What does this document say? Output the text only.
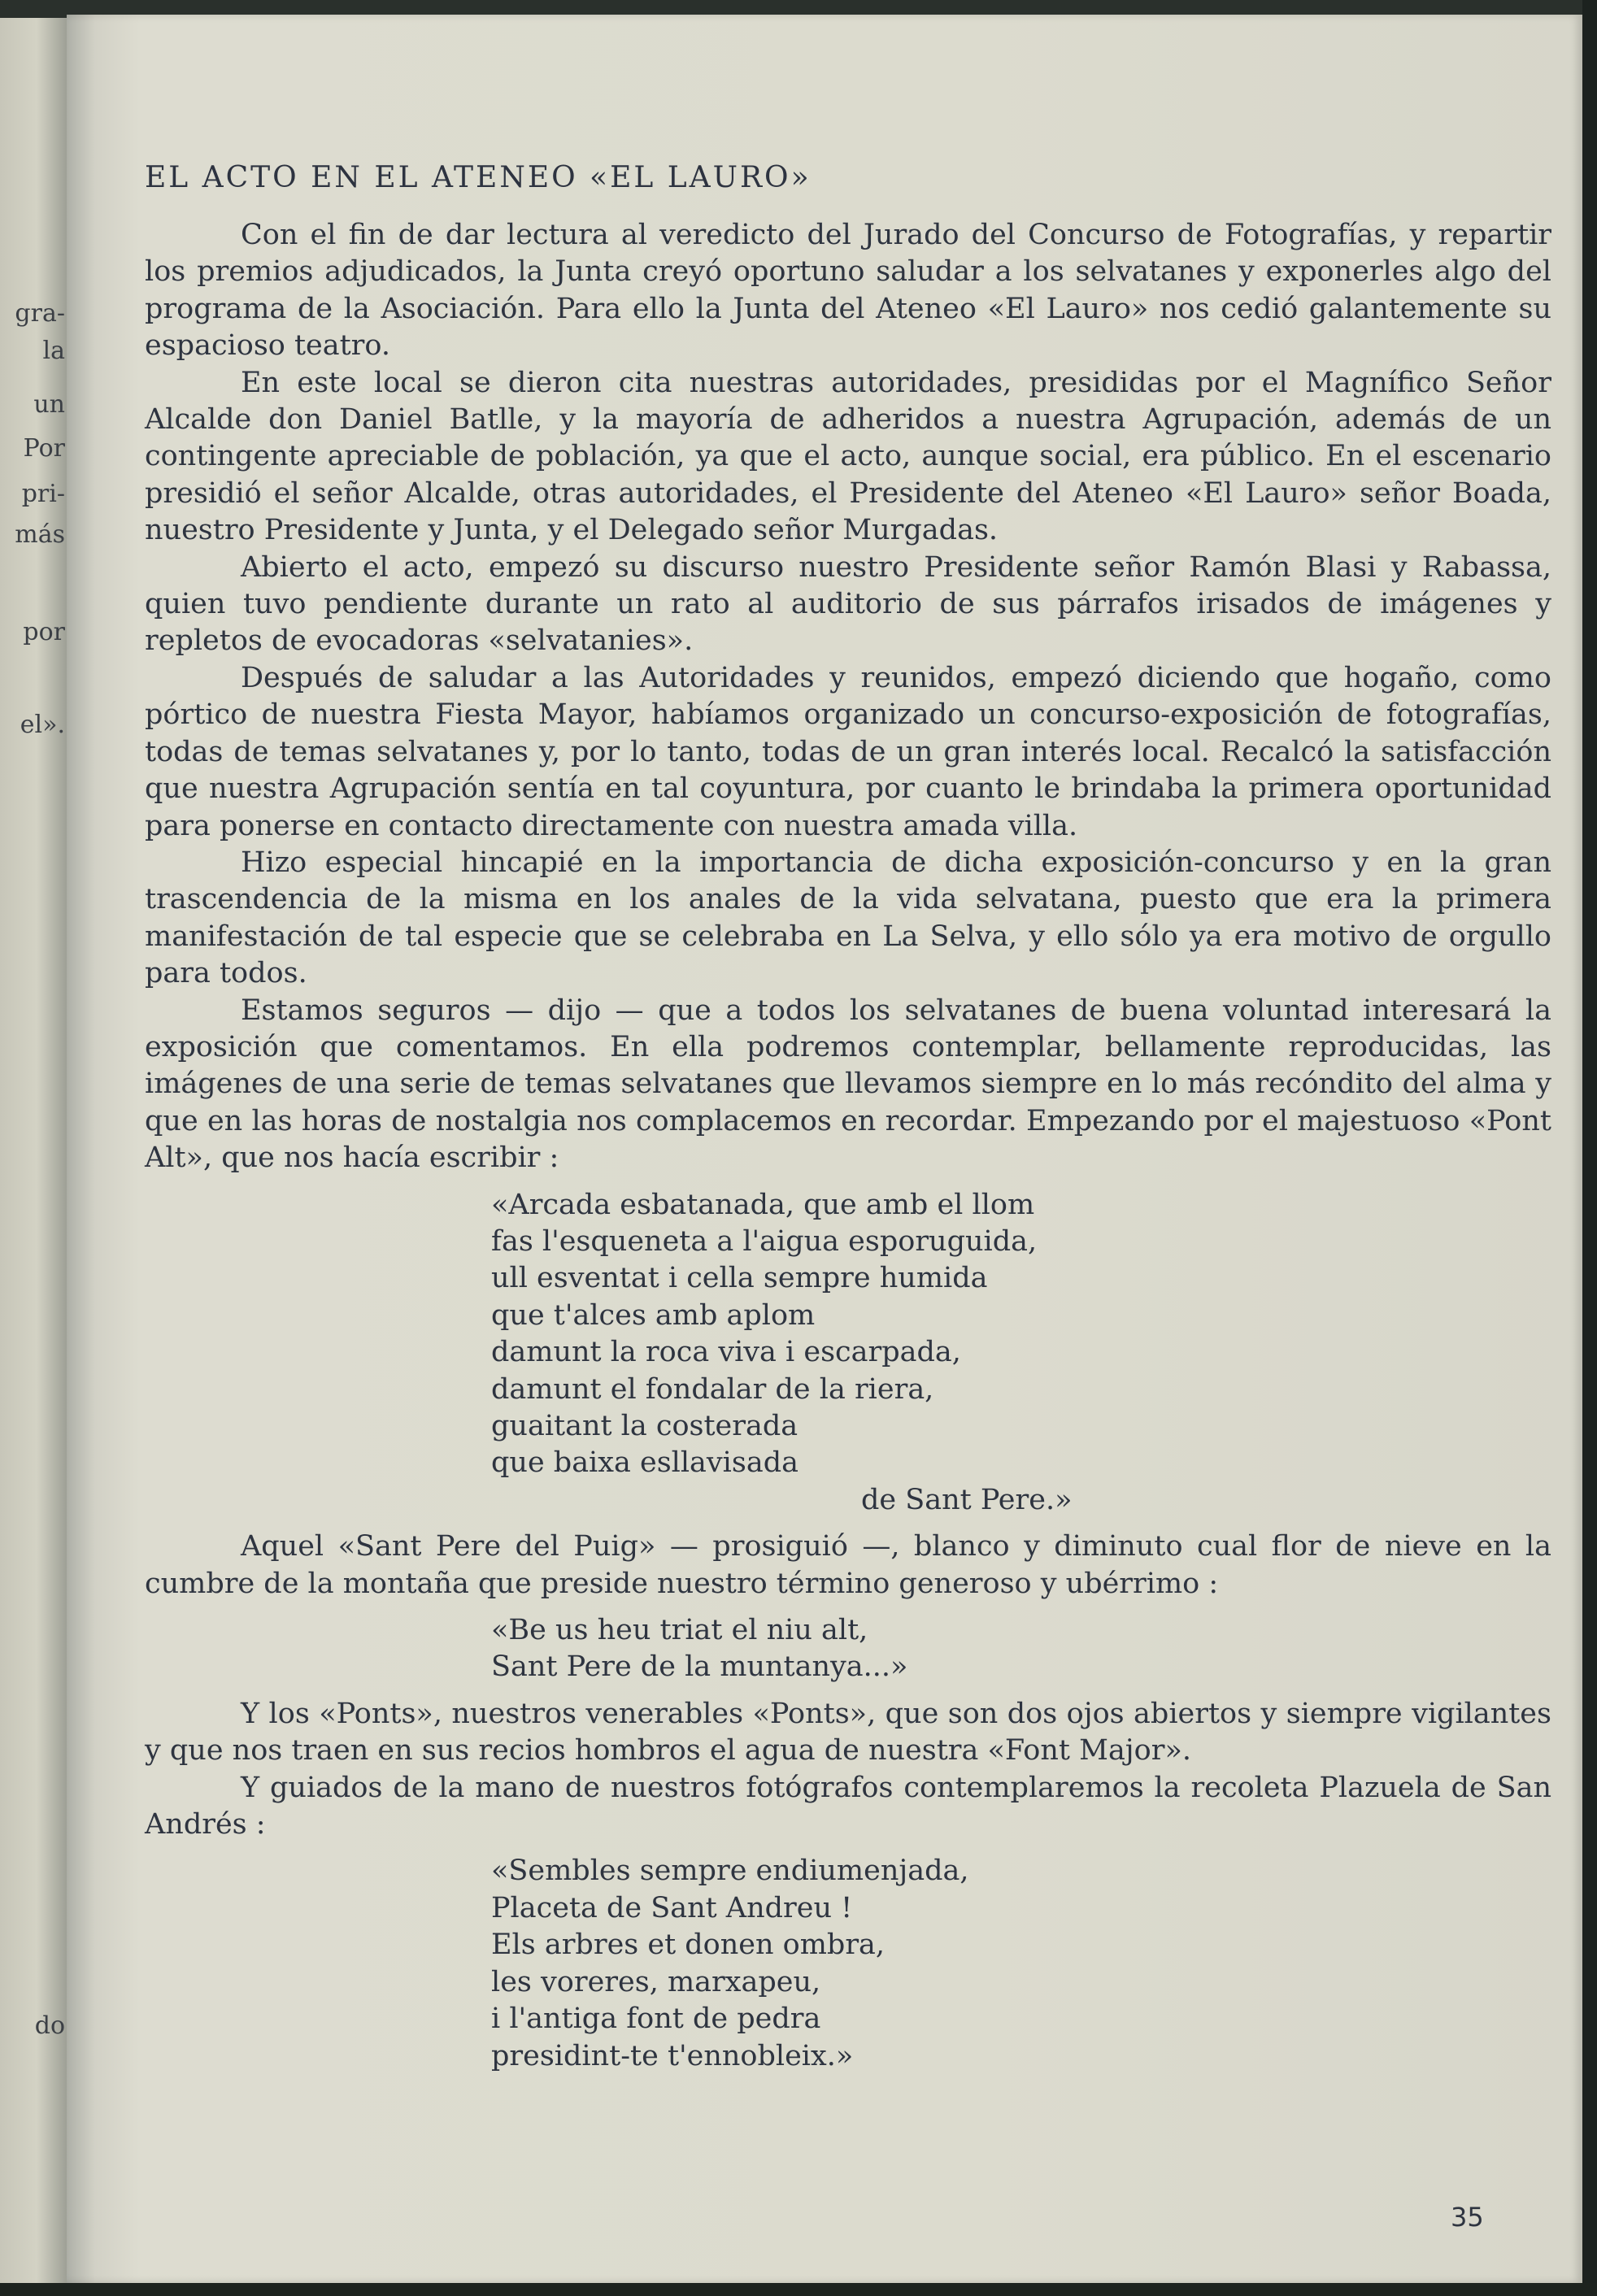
gra-
la
un
Por
pri-
más
por
el».
do
EL ACTO EN EL ATENEO «EL LAURO»

Con el fin de dar lectura al veredicto del Jurado del Concurso de Fotografías, y repartir los premios adjudicados, la Junta creyó oportuno saludar a los selvatanes y exponerles algo del programa de la Asociación. Para ello la Junta del Ateneo «El Lauro» nos cedió galantemente su espacioso teatro.

En este local se dieron cita nuestras autoridades, presididas por el Magnífico Señor Alcalde don Daniel Batlle, y la mayoría de adheridos a nuestra Agrupación, además de un contingente apreciable de población, ya que el acto, aunque social, era público. En el escenario presidió el señor Alcalde, otras autoridades, el Presidente del Ateneo «El Lauro» señor Boada, nuestro Presidente y Junta, y el Delegado señor Murgadas.

Abierto el acto, empezó su discurso nuestro Presidente señor Ramón Blasi y Rabassa, quien tuvo pendiente durante un rato al auditorio de sus párrafos irisados de imágenes y repletos de evocadoras «selvatanies».

Después de saludar a las Autoridades y reunidos, empezó diciendo que hogaño, como pórtico de nuestra Fiesta Mayor, habíamos organizado un concurso-exposición de fotografías, todas de temas selvatanes y, por lo tanto, todas de un gran interés local. Recalcó la satisfacción que nuestra Agrupación sentía en tal coyuntura, por cuanto le brindaba la primera oportunidad para ponerse en contacto directamente con nuestra amada villa.

Hizo especial hincapié en la importancia de dicha exposición-concurso y en la gran trascendencia de la misma en los anales de la vida selvatana, puesto que era la primera manifestación de tal especie que se celebraba en La Selva, y ello sólo ya era motivo de orgullo para todos.

Estamos seguros — dijo — que a todos los selvatanes de buena voluntad interesará la exposición que comentamos. En ella podremos contemplar, bellamente reproducidas, las imágenes de una serie de temas selvatanes que llevamos siempre en lo más recóndito del alma y que en las horas de nostalgia nos complacemos en recordar. Empezando por el majestuoso «Pont Alt», que nos hacía escribir :

«Arcada esbatanada, que amb el llom
fas l'esqueneta a l'aigua esporuguida,
ull esventat i cella sempre humida
que t'alces amb aplom
damunt la roca viva i escarpada,
damunt el fondalar de la riera,
guaitant la costerada
que baixa esllavisada
de Sant Pere.»

Aquel «Sant Pere del Puig» — prosiguió —, blanco y diminuto cual flor de nieve en la cumbre de la montaña que preside nuestro término generoso y ubérrimo :

«Be us heu triat el niu alt,
Sant Pere de la muntanya...»

Y los «Ponts», nuestros venerables «Ponts», que son dos ojos abiertos y siempre vigilantes y que nos traen en sus recios hombros el agua de nuestra «Font Major».

Y guiados de la mano de nuestros fotógrafos contemplaremos la recoleta Plazuela de San Andrés :

«Sembles sempre endiumenjada,
Placeta de Sant Andreu !
Els arbres et donen ombra,
les voreres, marxapeu,
i l'antiga font de pedra
presidint-te t'ennobleix.»
35
